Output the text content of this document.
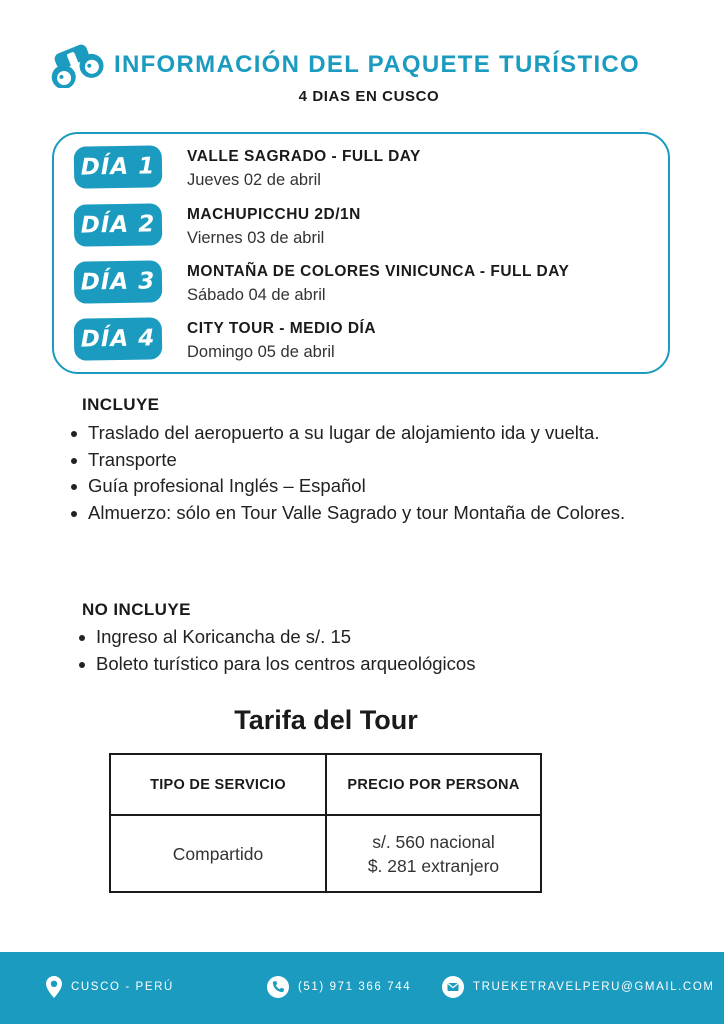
INFORMACIÓN DEL PAQUETE TURÍSTICO
4 DIAS EN CUSCO
DÍA 1	VALLE SAGRADO - FULL DAY
Jueves 02 de abril
DÍA 2	MACHUPICCHU 2D/1N
Viernes 03 de abril
DÍA 3	MONTAÑA DE COLORES VINICUNCA - FULL DAY
Sábado 04 de abril
DÍA 4	CITY TOUR - MEDIO DÍA
Domingo 05 de abril
INCLUYE
Traslado del aeropuerto a su lugar de alojamiento ida y vuelta.
Transporte
Guía profesional Inglés – Español
Almuerzo: sólo en Tour Valle Sagrado y tour Montaña de Colores.
NO INCLUYE
Ingreso al Koricancha de s/. 15
Boleto turístico para los centros arqueológicos
Tarifa del Tour
TIPO DE SERVICIO	PRECIO POR PERSONA
Compartido	s/. 560 nacional
$. 281 extranjero
CUSCO - PERÚ	(51) 971 366 744	TRUEKETRAVELPERU@GMAIL.COM
